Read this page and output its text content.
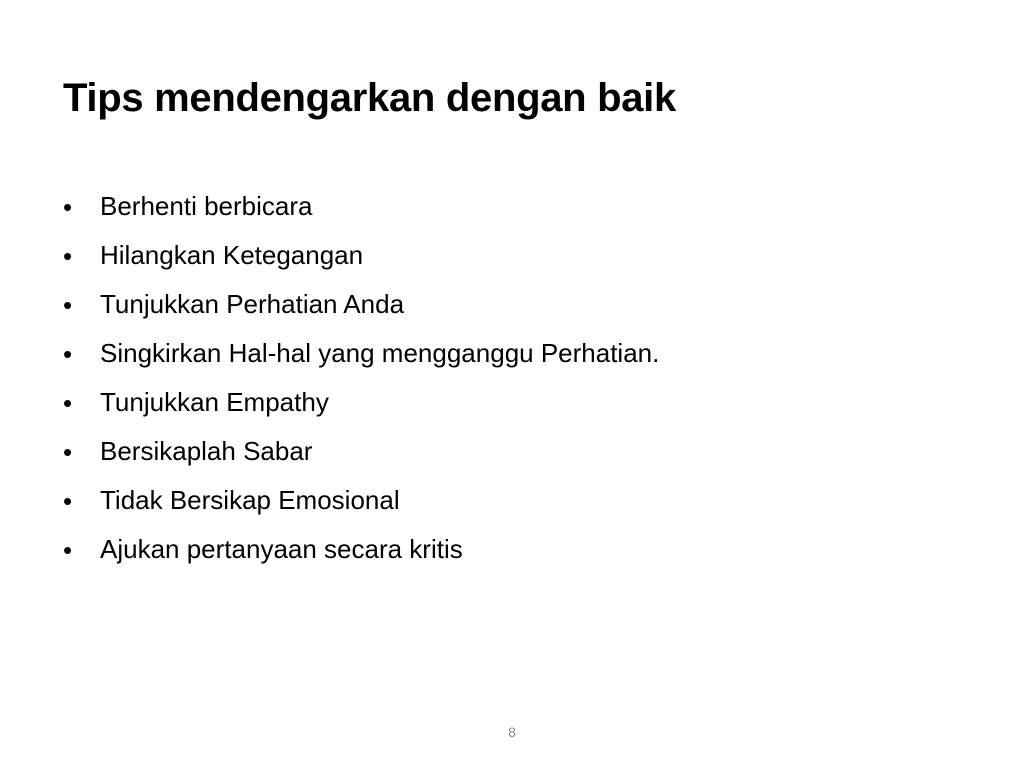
Tips mendengarkan dengan baik
•	Berhenti berbicara
•	Hilangkan Ketegangan
•	Tunjukkan Perhatian Anda
•	Singkirkan Hal-hal yang mengganggu Perhatian.
•	Tunjukkan Empathy
•	Bersikaplah Sabar
•	Tidak Bersikap Emosional
•	Ajukan pertanyaan secara kritis
8
